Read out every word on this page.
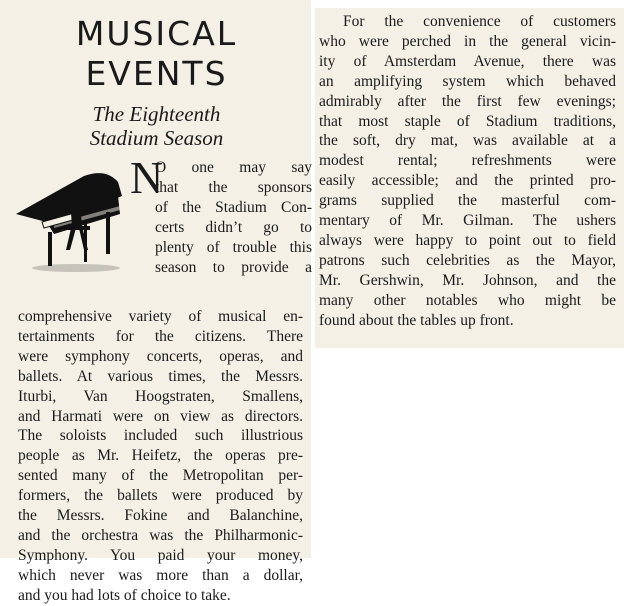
MUSICAL
EVENTS
The Eighteenth
Stadium Season
N
O one may say
that the sponsors
of the Stadium Con-
certs didn’t go to
plenty of trouble this
season to provide a
comprehensive variety of musical en-
tertainments for the citizens. There
were symphony concerts, operas, and
ballets. At various times, the Messrs.
Iturbi, Van Hoogstraten, Smallens,
and Harmati were on view as directors.
The soloists included such illustrious
people as Mr. Heifetz, the operas pre-
sented many of the Metropolitan per-
formers, the ballets were produced by
the Messrs. Fokine and Balanchine,
and the orchestra was the Philharmonic-
Symphony. You paid your money,
which never was more than a dollar,
and you had lots of choice to take.
For the convenience of customers
who were perched in the general vicin-
ity of Amsterdam Avenue, there was
an amplifying system which behaved
admirably after the first few evenings;
that most staple of Stadium traditions,
the soft, dry mat, was available at a
modest rental; refreshments were
easily accessible; and the printed pro-
grams supplied the masterful com-
mentary of Mr. Gilman. The ushers
always were happy to point out to field
patrons such celebrities as the Mayor,
Mr. Gershwin, Mr. Johnson, and the
many other notables who might be
found about the tables up front.
